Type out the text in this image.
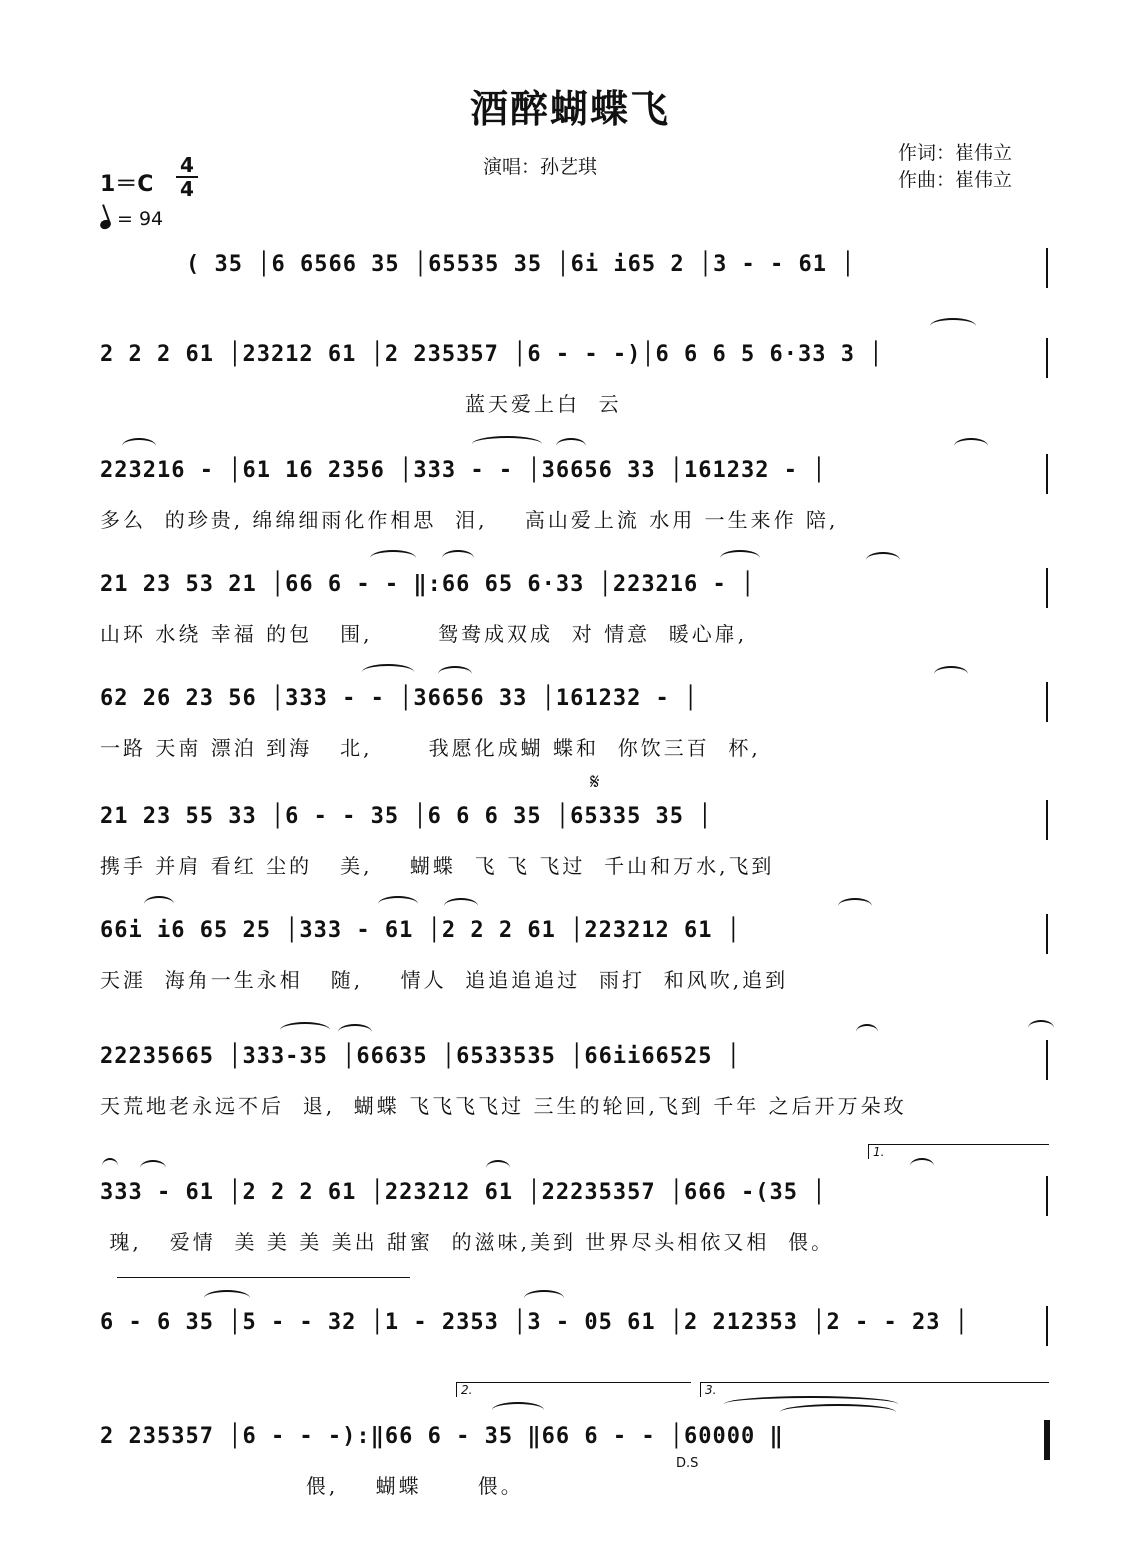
酒醉蝴蝶飞
演唱：孙艺琪
作词：崔伟立
作曲：崔伟立
1＝C
4
4
= 94
( 35 │6 6566 35 │65535 35 │6i i65 2 │3 - - 61 │
2 2 2 61 │23212 61 │2 235357 │6 - - -)│6 6 6 5 6·33 3 │
蓝天爱上白  云
223216 - │61 16 2356 │333 - - │36656 33 │161232 - │
多么  的珍贵, 绵绵细雨化作相思  泪,    高山爱上流 水用 一生来作 陪,
21 23 53 21 │66 6 - - ‖:66 65 6·33 │223216 - │
山环 水绕 幸福 的包   围,       鸳鸯成双成  对 情意  暖心扉,
62 26 23 56 │333 - - │36656 33 │161232 - │
一路 天南 漂泊 到海   北,      我愿化成蝴 蝶和  你饮三百  杯,
𝄋
21 23 55 33 │6 - - 35 │6 6 6 35 │65335 35 │
携手 并肩 看红 尘的   美,    蝴蝶  飞 飞 飞过  千山和万水,飞到
66i i6 65 25 │333 - 61 │2 2 2 61 │223212 61 │
天涯  海角一生永相   随,    情人  追追追追过  雨打  和风吹,追到
22235665 │333-35 │66635 │6533535 │66ii66525 │
天荒地老永远不后  退,  蝴蝶 飞飞飞飞过 三生的轮回,飞到 千年 之后开万朵玫
1.
333 - 61 │2 2 2 61 │223212 61 │22235357 │666 -(35 │
瑰,   爱情  美 美 美 美出 甜蜜  的滋味,美到 世界尽头相依又相  偎。
6 - 6 35 │5 - - 32 │1 - 2353 │3 - 05 61 │2 212353 │2 - - 23 │
2.	3.
2 235357 │6 - - -):‖66 6 - 35 ‖66 6 - - │60000 ‖
偎,    蝴蝶      偎。
D.S
